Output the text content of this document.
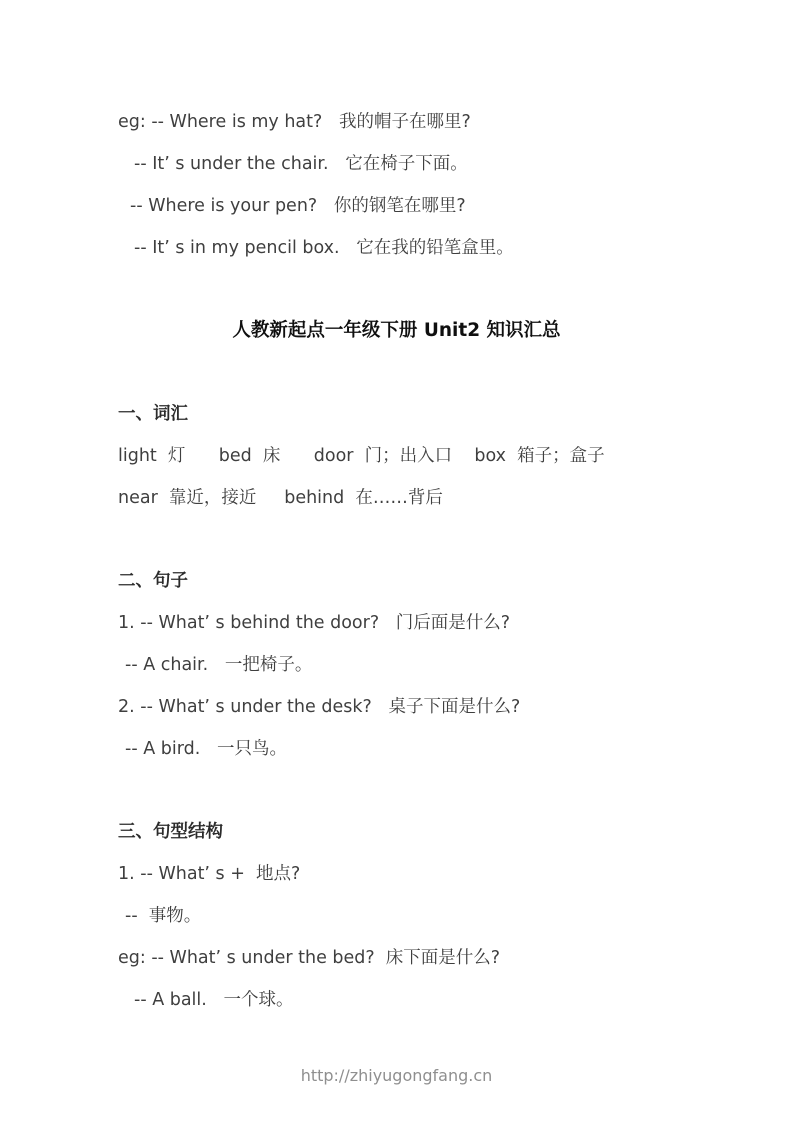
eg: -- Where is my hat?   我的帽子在哪里?

-- It’ s under the chair.   它在椅子下面。

-- Where is your pen?   你的钢笔在哪里?

-- It’ s in my pencil box.   它在我的铅笔盒里。

人教新起点一年级下册 Unit2 知识汇总
一、词汇

light  灯      bed  床      door  门；出入口    box  箱子；盒子

near  靠近，接近     behind  在……背后

二、句子

1. -- What’ s behind the door?   门后面是什么?

-- A chair.   一把椅子。

2. -- What’ s under the desk?   桌子下面是什么?

-- A bird.   一只鸟。

三、句型结构

1. -- What’ s +  地点?

--  事物。

eg: -- What’ s under the bed?  床下面是什么?

-- A ball.   一个球。

http://zhiyugongfang.cn
